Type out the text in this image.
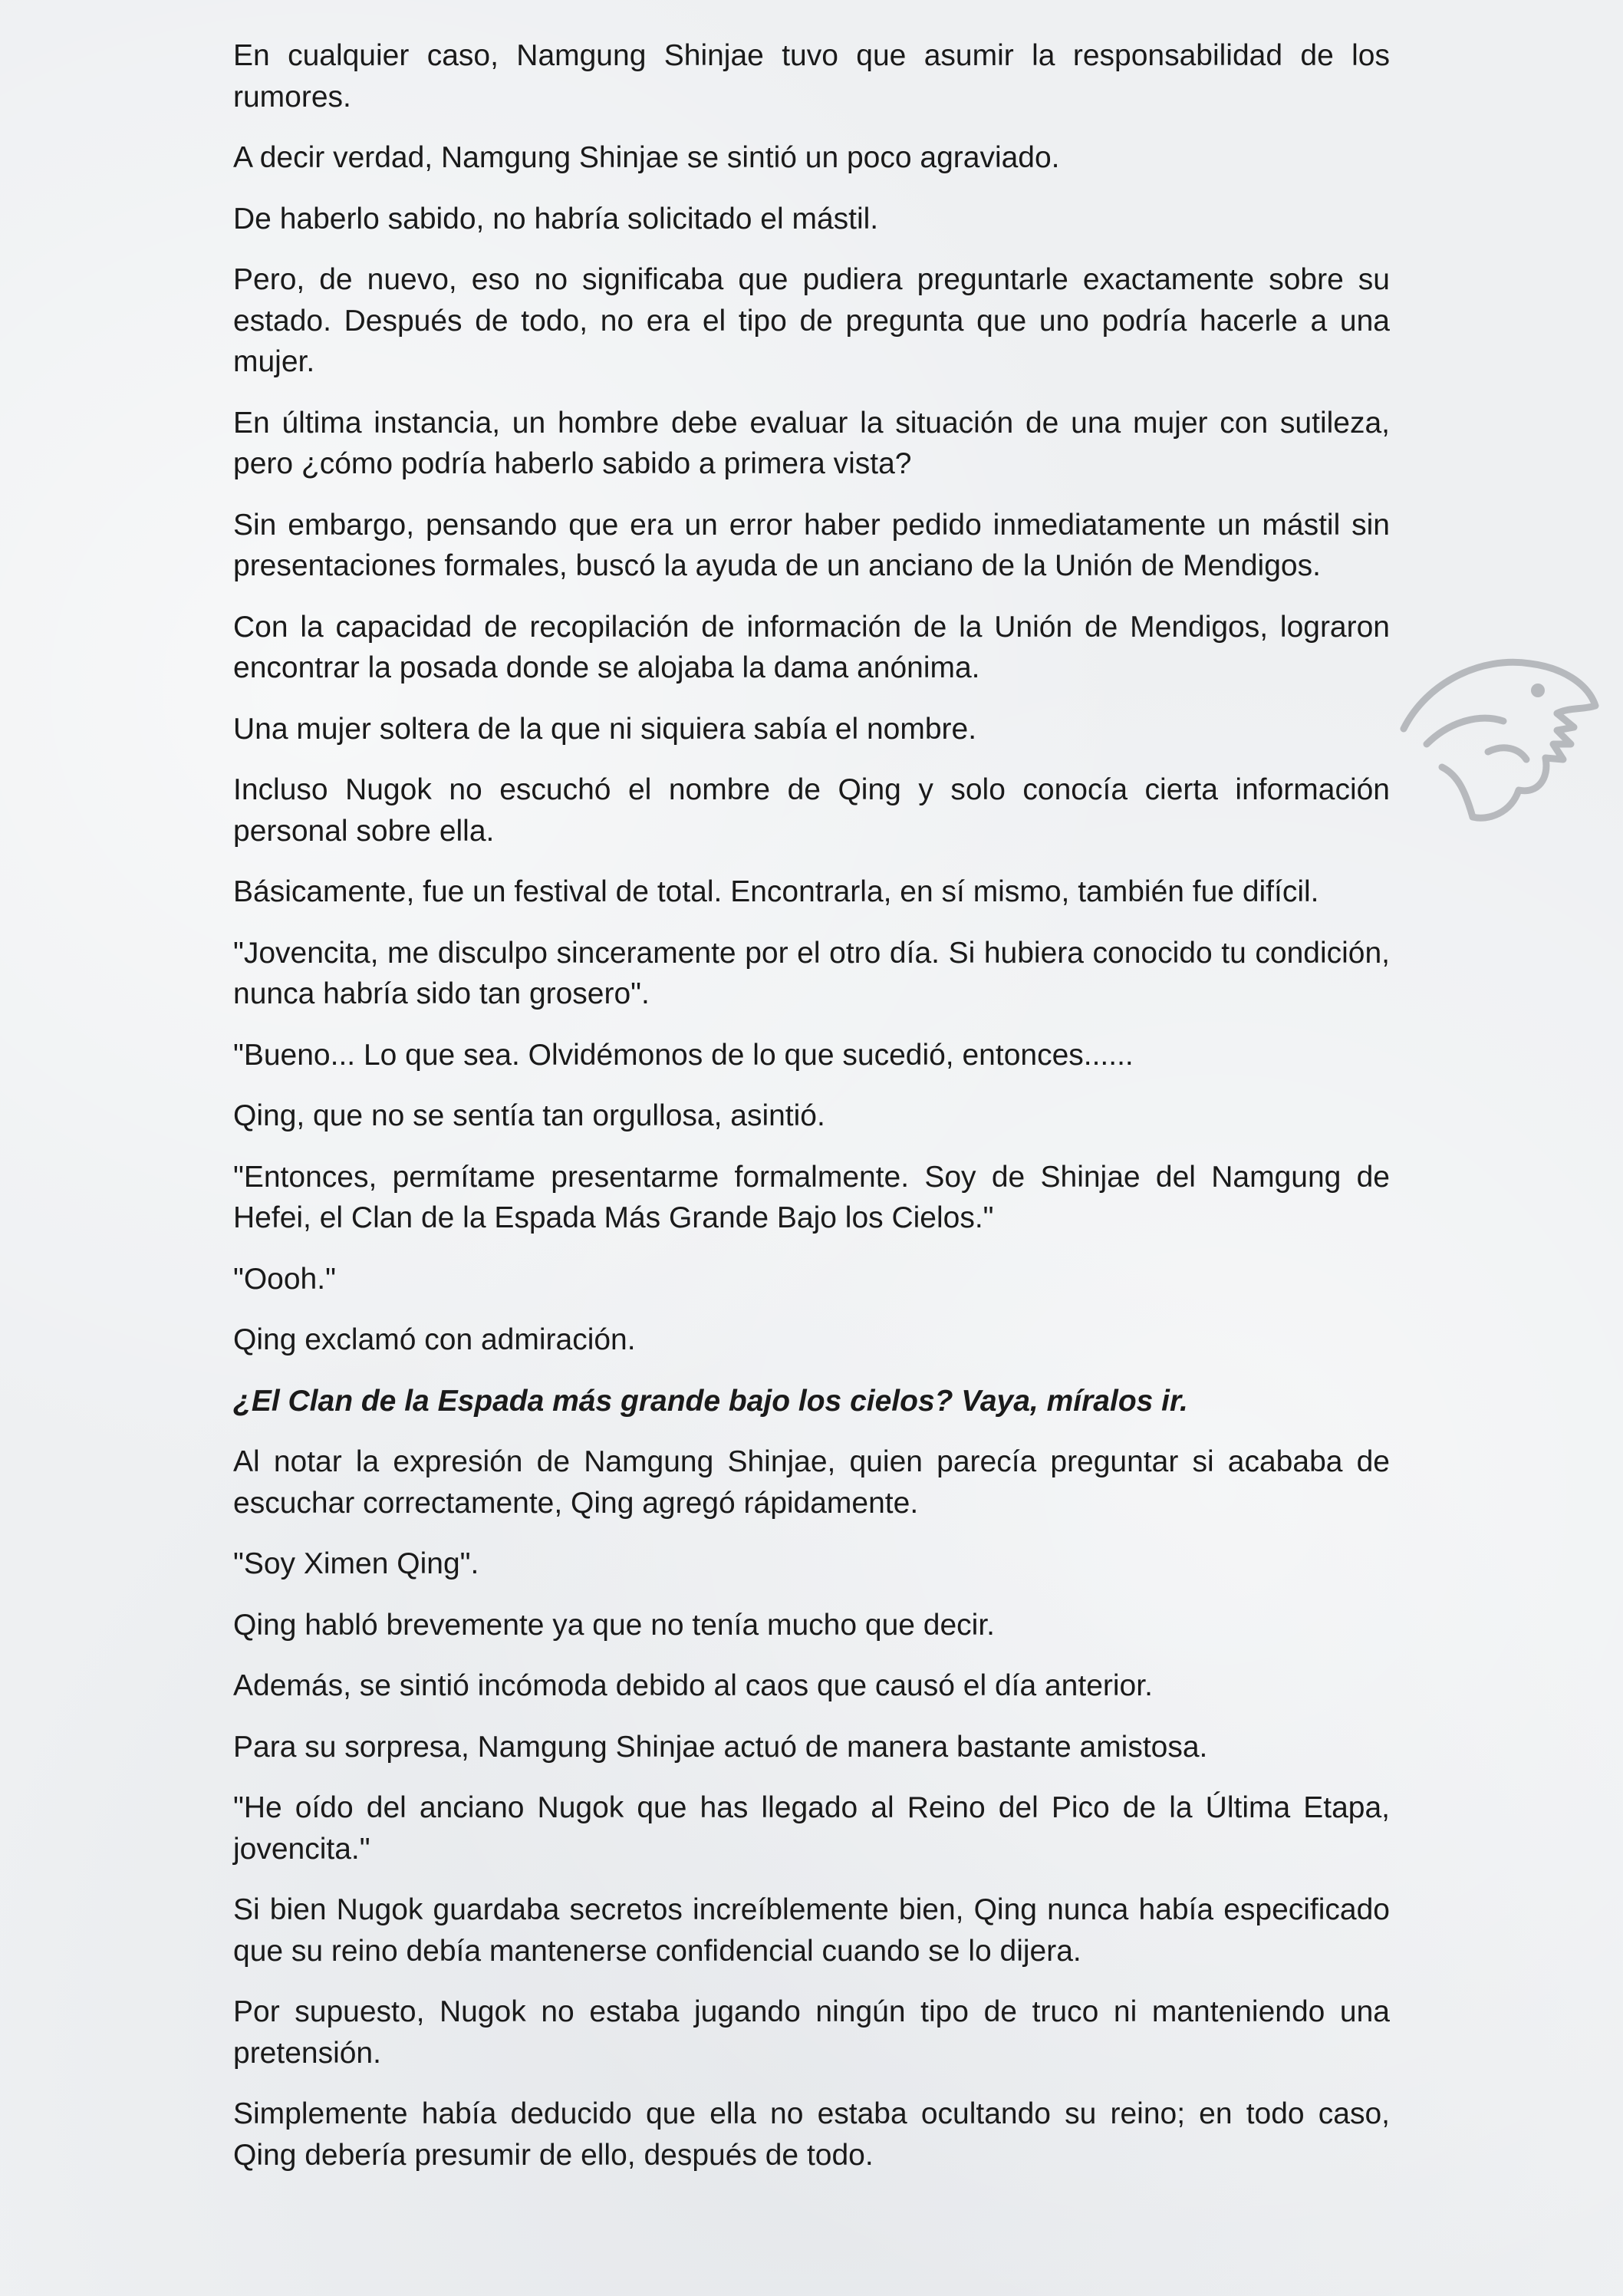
En cualquier caso, Namgung Shinjae tuvo que asumir la responsabilidad de los rumores.

A decir verdad, Namgung Shinjae se sintió un poco agraviado.

De haberlo sabido, no habría solicitado el mástil.

Pero, de nuevo, eso no significaba que pudiera preguntarle exactamente sobre su estado. Después de todo, no era el tipo de pregunta que uno podría hacerle a una mujer.

En última instancia, un hombre debe evaluar la situación de una mujer con sutileza, pero ¿cómo podría haberlo sabido a primera vista?

Sin embargo, pensando que era un error haber pedido inmediatamente un mástil sin presentaciones formales, buscó la ayuda de un anciano de la Unión de Mendigos.

Con la capacidad de recopilación de información de la Unión de Mendigos, lograron encontrar la posada donde se alojaba la dama anónima.

Una mujer soltera de la que ni siquiera sabía el nombre.

Incluso Nugok no escuchó el nombre de Qing y solo conocía cierta información personal sobre ella.

Básicamente, fue un festival de total. Encontrarla, en sí mismo, también fue difícil.

"Jovencita, me disculpo sinceramente por el otro día. Si hubiera conocido tu condición, nunca habría sido tan grosero".

"Bueno... Lo que sea. Olvidémonos de lo que sucedió, entonces......

Qing, que no se sentía tan orgullosa, asintió.

"Entonces, permítame presentarme formalmente. Soy de Shinjae del Namgung de Hefei, el Clan de la Espada Más Grande Bajo los Cielos."

"Oooh."

Qing exclamó con admiración.

¿El Clan de la Espada más grande bajo los cielos? Vaya, míralos ir.

Al notar la expresión de Namgung Shinjae, quien parecía preguntar si acababa de escuchar correctamente, Qing agregó rápidamente.

"Soy Ximen Qing".

Qing habló brevemente ya que no tenía mucho que decir.

Además, se sintió incómoda debido al caos que causó el día anterior.

Para su sorpresa, Namgung Shinjae actuó de manera bastante amistosa.

"He oído del anciano Nugok que has llegado al Reino del Pico de la Última Etapa, jovencita."

Si bien Nugok guardaba secretos increíblemente bien, Qing nunca había especificado que su reino debía mantenerse confidencial cuando se lo dijera.

Por supuesto, Nugok no estaba jugando ningún tipo de truco ni manteniendo una pretensión.

Simplemente había deducido que ella no estaba ocultando su reino; en todo caso, Qing debería presumir de ello, después de todo.
